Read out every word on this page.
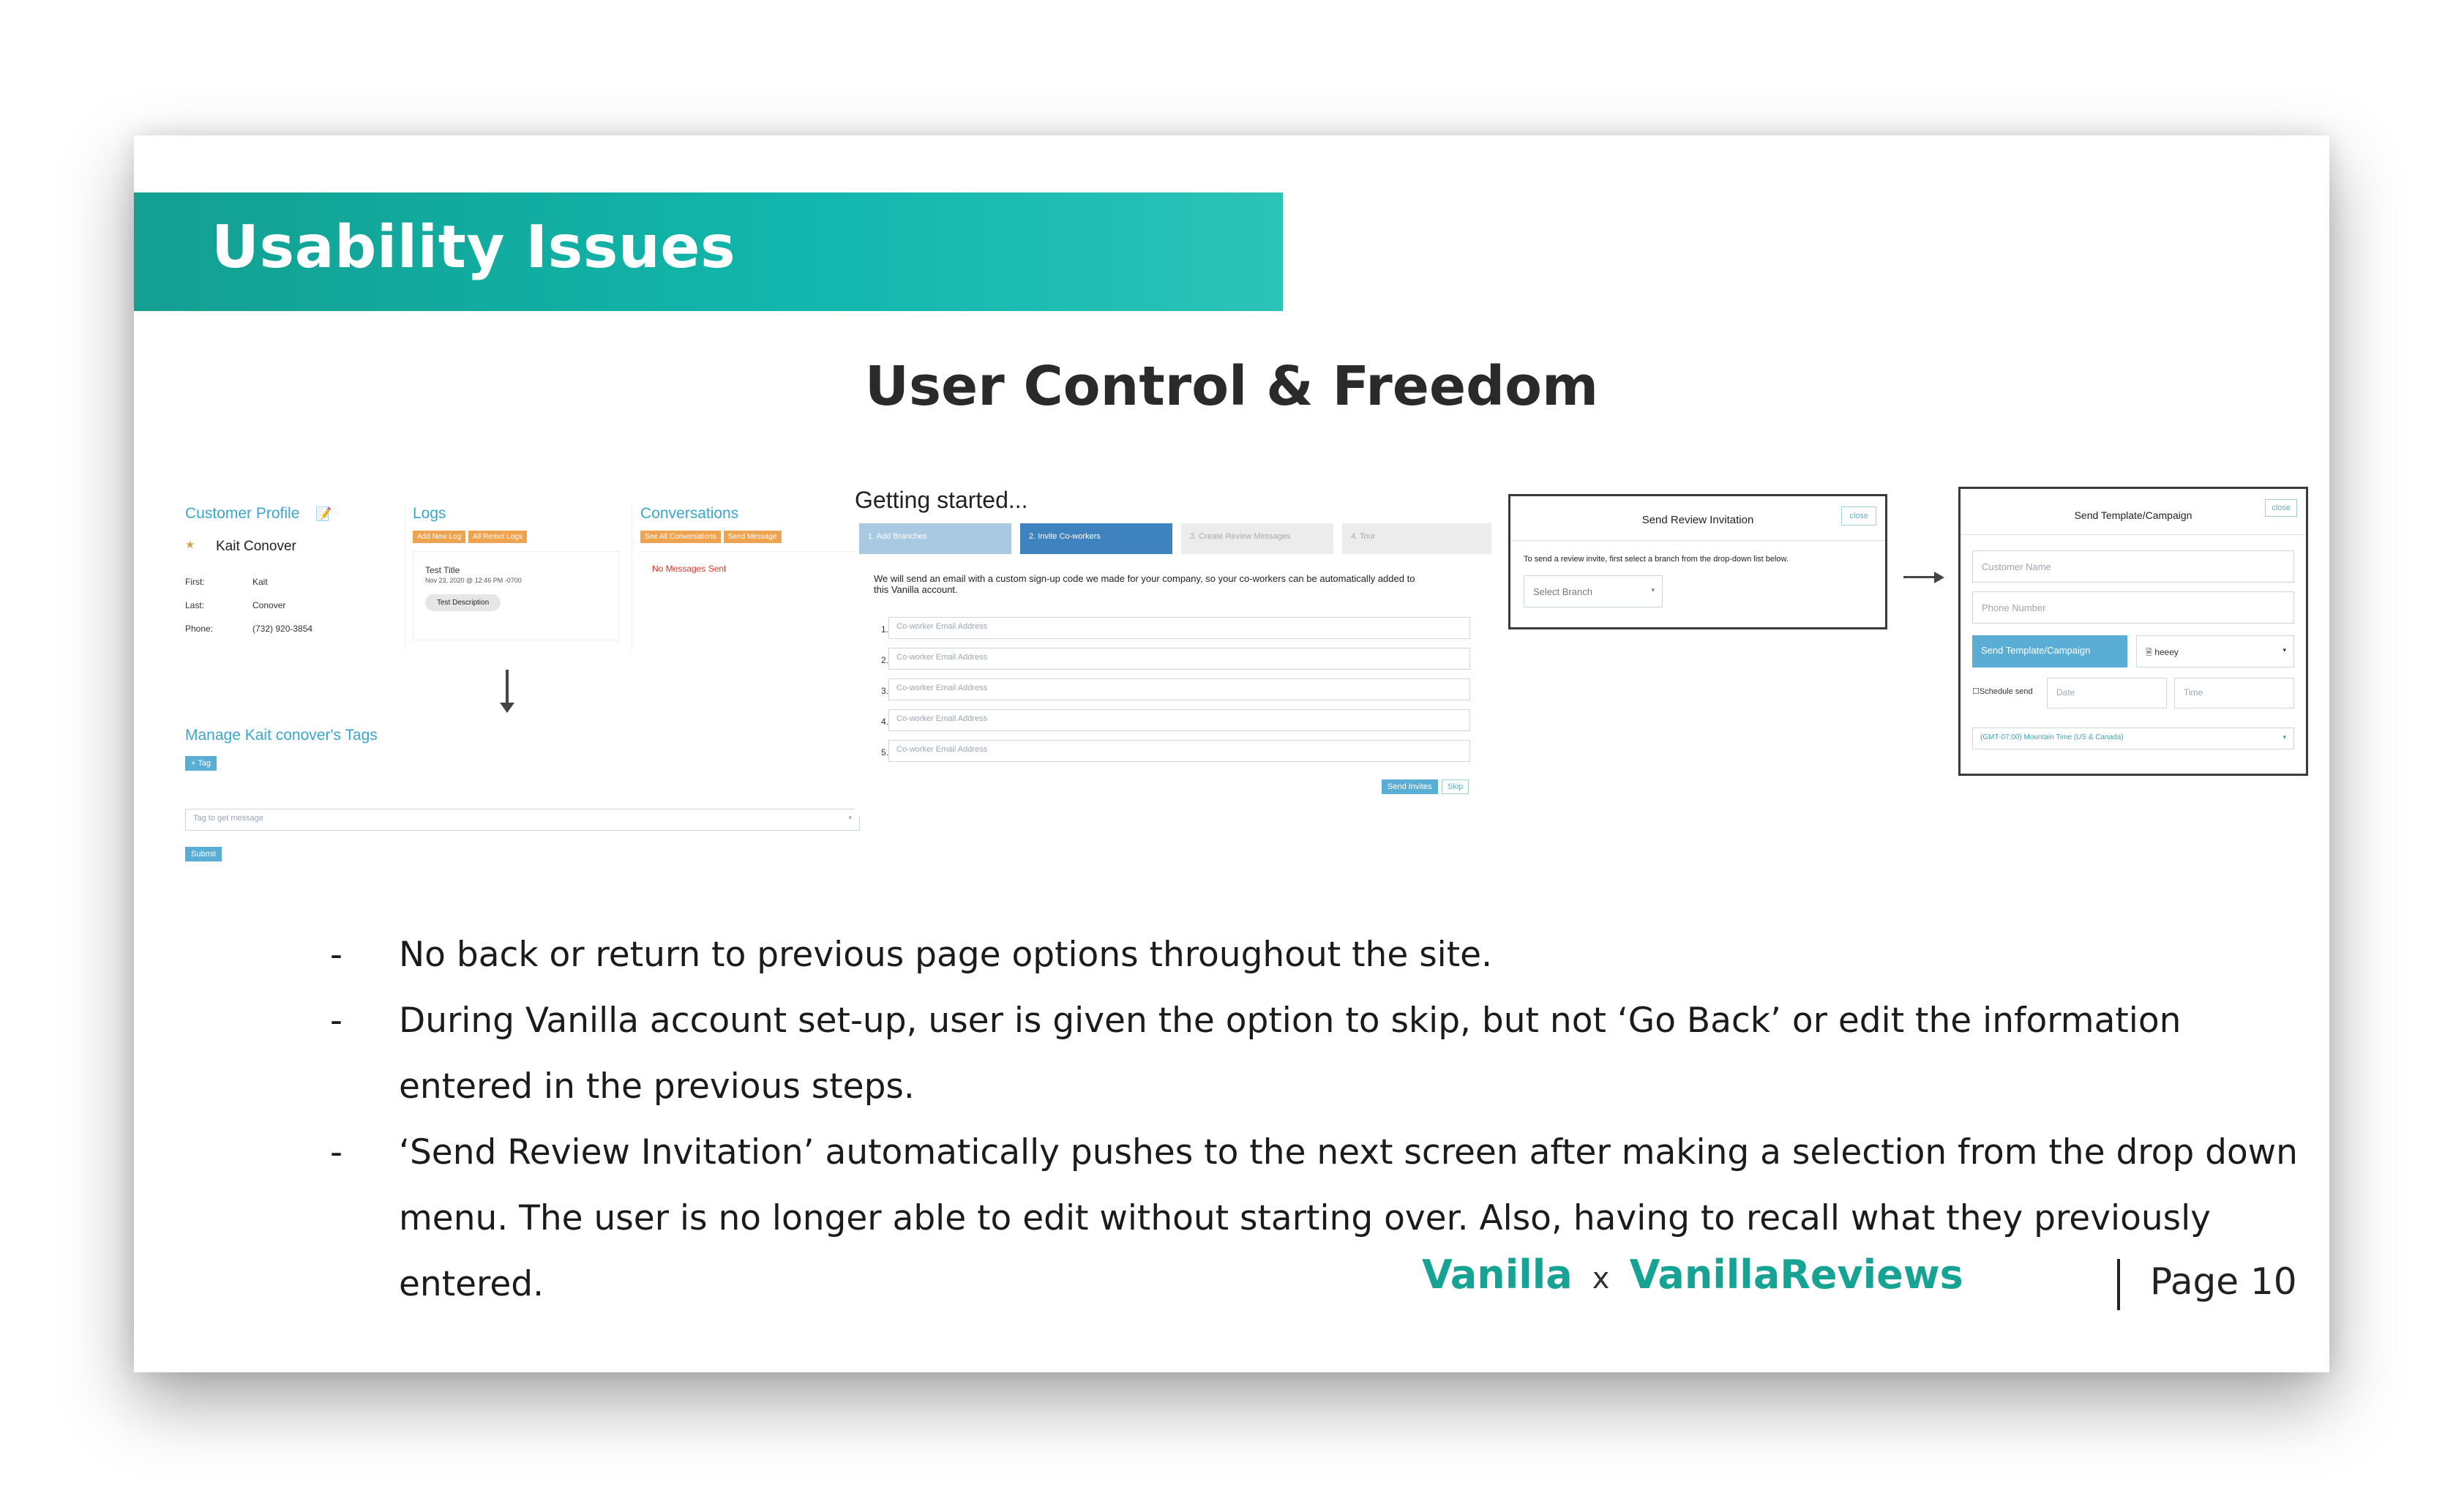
Usability Issues
User Control & Freedom
Customer Profile 📝
★ Kait Conover
First:	Kait
Last:	Conover
Phone:	(732) 920-3854
Logs
Add New Log All Remot Logs
Test Title
Nov 23, 2020 @ 12:46 PM -0700
Test Description
Conversations
See All Conversations Send Message
No Messages Sent
Manage Kait conover's Tags
+ Tag
Tag to get message	▾
Submit
Getting started...
1. Add Branches	2. Invite Co-workers	3. Create Review Messages	4. Tour
We will send an email with a custom sign-up code we made for your company, so your co-workers can be automatically added to this Vanilla account.
1. Co-worker Email Address
2. Co-worker Email Address
3. Co-worker Email Address
4. Co-worker Email Address
5. Co-worker Email Address
Send Invites	Skip
Send Review Invitation	close
To send a review invite, first select a branch from the drop-down list below.
Select Branch	▾
Send Template/Campaign
close
Customer Name
Phone Number
Send Template/Campaign	🗎 heeey	▾
☐Schedule send	Date	Time
(GMT-07:00) Mountain Time (US & Canada)	▾
- No back or return to previous page options throughout the site.
- During Vanilla account set-up, user is given the option to skip, but not ‘Go Back’ or edit the information entered in the previous steps.
- ‘Send Review Invitation’ automatically pushes to the next screen after making a selection from the drop down menu. The user is no longer able to edit without starting over. Also, having to recall what they previously entered.	Vanilla x VanillaReviews	Page 10
